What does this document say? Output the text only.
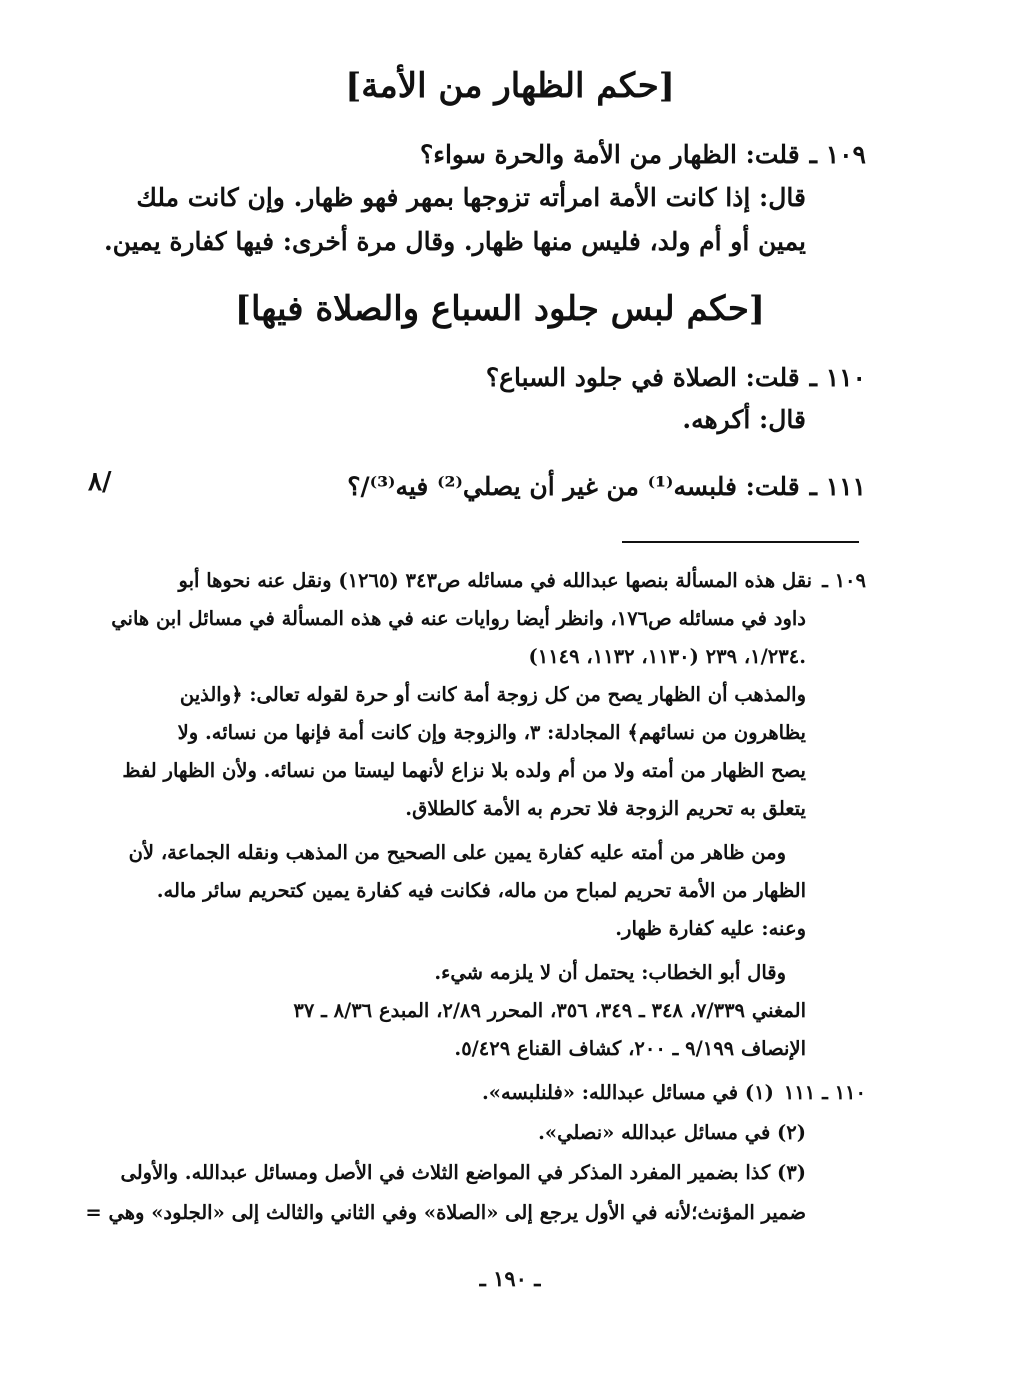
[حكم الظهار من الأمة]
١٠٩ ـقلت: الظهار من الأمة والحرة سواء؟
قال: إذا كانت الأمة امرأته تزوجها بمهر فهو ظهار. وإن كانت ملك
يمين أو أم ولد، فليس منها ظهار. وقال مرة أخرى: فيها كفارة يمين.
[حكم لبس جلود السباع والصلاة فيها]
١١٠ ـقلت: الصلاة في جلود السباع؟
قال: أكرهه.
١١١ ـقلت: فلبسه⁽¹⁾ من غير أن يصلي⁽²⁾ فيه⁽³⁾/؟
٨/
١٠٩ ـنقل هذه المسألة بنصها عبدالله في مسائله ص٣٤٣ (١٢٦٥) ونقل عنه نحوها أبو
داود في مسائله ص١٧٦، وانظر أيضا روايات عنه في هذه المسألة في مسائل ابن هاني
١/٢٣٤، ٢٣٩ (١١٣٠، ١١٣٢، ١١٤٩).
والمذهب أن الظهار يصح من كل زوجة أمة كانت أو حرة لقوله تعالى: ﴿والذين
يظاهرون من نسائهم﴾ المجادلة: ٣، والزوجة وإن كانت أمة فإنها من نسائه. ولا
يصح الظهار من أمته ولا من أم ولده بلا نزاع لأنهما ليستا من نسائه. ولأن الظهار لفظ
يتعلق به تحريم الزوجة فلا تحرم به الأمة كالطلاق.
ومن ظاهر من أمته عليه كفارة يمين على الصحيح من المذهب ونقله الجماعة، لأن
الظهار من الأمة تحريم لمباح من ماله، فكانت فيه كفارة يمين كتحريم سائر ماله.
وعنه: عليه كفارة ظهار.
وقال أبو الخطاب: يحتمل أن لا يلزمه شيء.
المغني ٧/٣٣٩، ٣٤٨ ـ ٣٤٩، ٣٥٦، المحرر ٢/٨٩، المبدع ٨/٣٦ ـ ٣٧
الإنصاف ٩/١٩٩ ـ ٢٠٠، كشاف القناع ٥/٤٢٩.
١١٠ ـ ١١١(١) في مسائل عبدالله: «فلنلبسه».
(٢) في مسائل عبدالله «نصلي».
(٣) كذا بضمير المفرد المذكر في المواضع الثلاث في الأصل ومسائل عبدالله. والأولى
ضمير المؤنث؛لأنه في الأول يرجع إلى «الصلاة» وفي الثاني والثالث إلى «الجلود» وهي =
ـ ١٩٠ ـ
